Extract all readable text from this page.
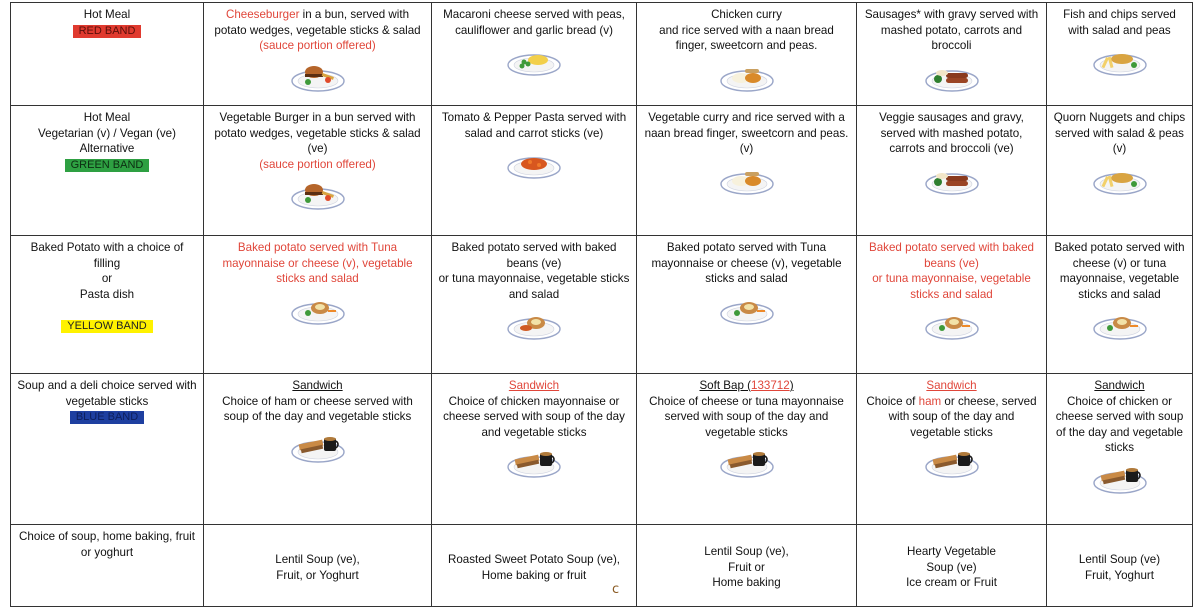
Hot Meal
RED BAND	Cheeseburger in a bun, served with potato wedges, vegetable sticks & salad (sauce portion offered)	Macaroni cheese served with peas, cauliflower and garlic bread (v)	Chicken curry
and rice served with a naan bread finger, sweetcorn and peas.	Sausages* with gravy served with mashed potato, carrots and broccoli	Fish and chips served with salad and peas

Hot Meal
Vegetarian (v) / Vegan (ve)
Alternative
GREEN BAND	Vegetable Burger in a bun served with potato wedges, vegetable sticks & salad (ve)
(sauce portion offered)	Tomato & Pepper Pasta served with salad and carrot sticks (ve)	Vegetable curry and rice served with a naan bread finger, sweetcorn and peas. (v)	Veggie sausages and gravy, served with mashed potato, carrots and broccoli (ve)	Quorn Nuggets and chips served with salad & peas (v)

Baked Potato with a choice of filling
or
Pasta dish

YELLOW BAND	Baked potato served with Tuna mayonnaise or cheese (v), vegetable sticks and salad	Baked potato served with baked beans (ve)
or tuna mayonnaise, vegetable sticks and salad	Baked potato served with Tuna mayonnaise or cheese (v), vegetable sticks and salad	Baked potato served with baked beans (ve)
or tuna mayonnaise, vegetable sticks and salad	Baked potato served with cheese (v) or tuna mayonnaise, vegetable sticks and salad

Soup and a deli choice served with vegetable sticks
BLUE BAND	Sandwich
Choice of ham or cheese served with soup of the day and vegetable sticks	Sandwich
Choice of chicken mayonnaise or cheese served with soup of the day and vegetable sticks	Soft Bap (133712)
Choice of cheese or tuna mayonnaise served with soup of the day and vegetable sticks	Sandwich
Choice of ham or cheese, served with soup of the day and vegetable sticks	Sandwich
Choice of chicken or cheese served with soup of the day and vegetable sticks

Choice of soup, home baking, fruit or yoghurt	Lentil Soup (ve),
Fruit, or Yoghurt	Roasted Sweet Potato Soup (ve),
Home baking or fruit	Lentil Soup (ve),
Fruit or
Home baking	Hearty Vegetable
Soup (ve)
Ice cream or Fruit	Lentil Soup (ve)
Fruit, Yoghurt
c
